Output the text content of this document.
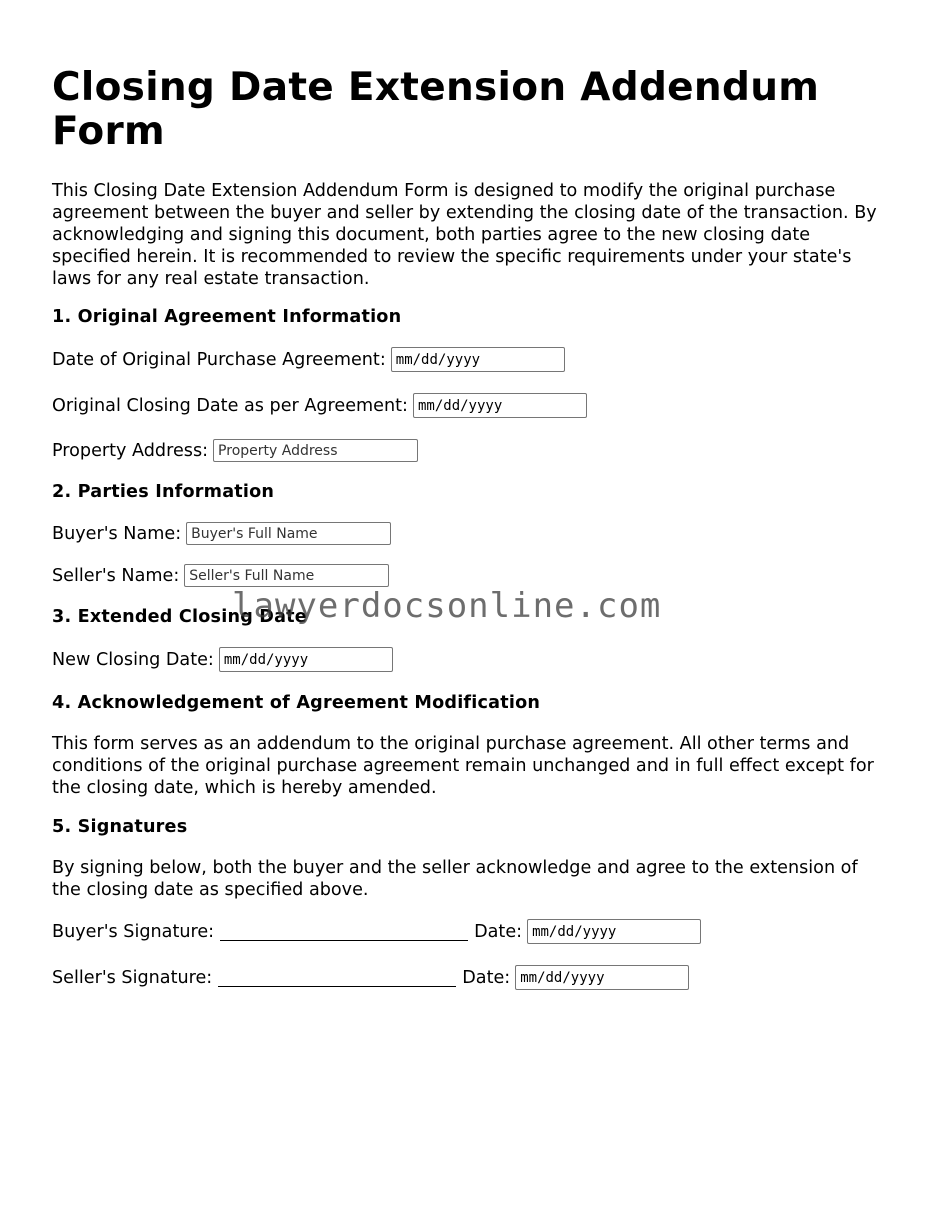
Closing Date Extension Addendum Form

This Closing Date Extension Addendum Form is designed to modify the original purchase agreement between the buyer and seller by extending the closing date of the transaction. By acknowledging and signing this document, both parties agree to the new closing date specified herein. It is recommended to review the specific requirements under your state's laws for any real estate transaction.

1. Original Agreement Information

Date of Original Purchase Agreement: mm/dd/yyyy
Original Closing Date as per Agreement: mm/dd/yyyy
Property Address:
Property Address

2. Parties Information

Buyer's Name:
Buyer's Full Name
Seller's Name:
Seller's Full Name

3. Extended Closing Date

New Closing Date: mm/dd/yyyy

4. Acknowledgement of Agreement Modification

This form serves as an addendum to the original purchase agreement. All other terms and conditions of the original purchase agreement remain unchanged and in full effect except for the closing date, which is hereby amended.

5. Signatures

By signing below, both the buyer and the seller acknowledge and agree to the extension of the closing date as specified above.

Buyer's Signature:	Date: mm/dd/yyyy
Seller's Signature:	Date: mm/dd/yyyy
lawyerdocsonline.com
